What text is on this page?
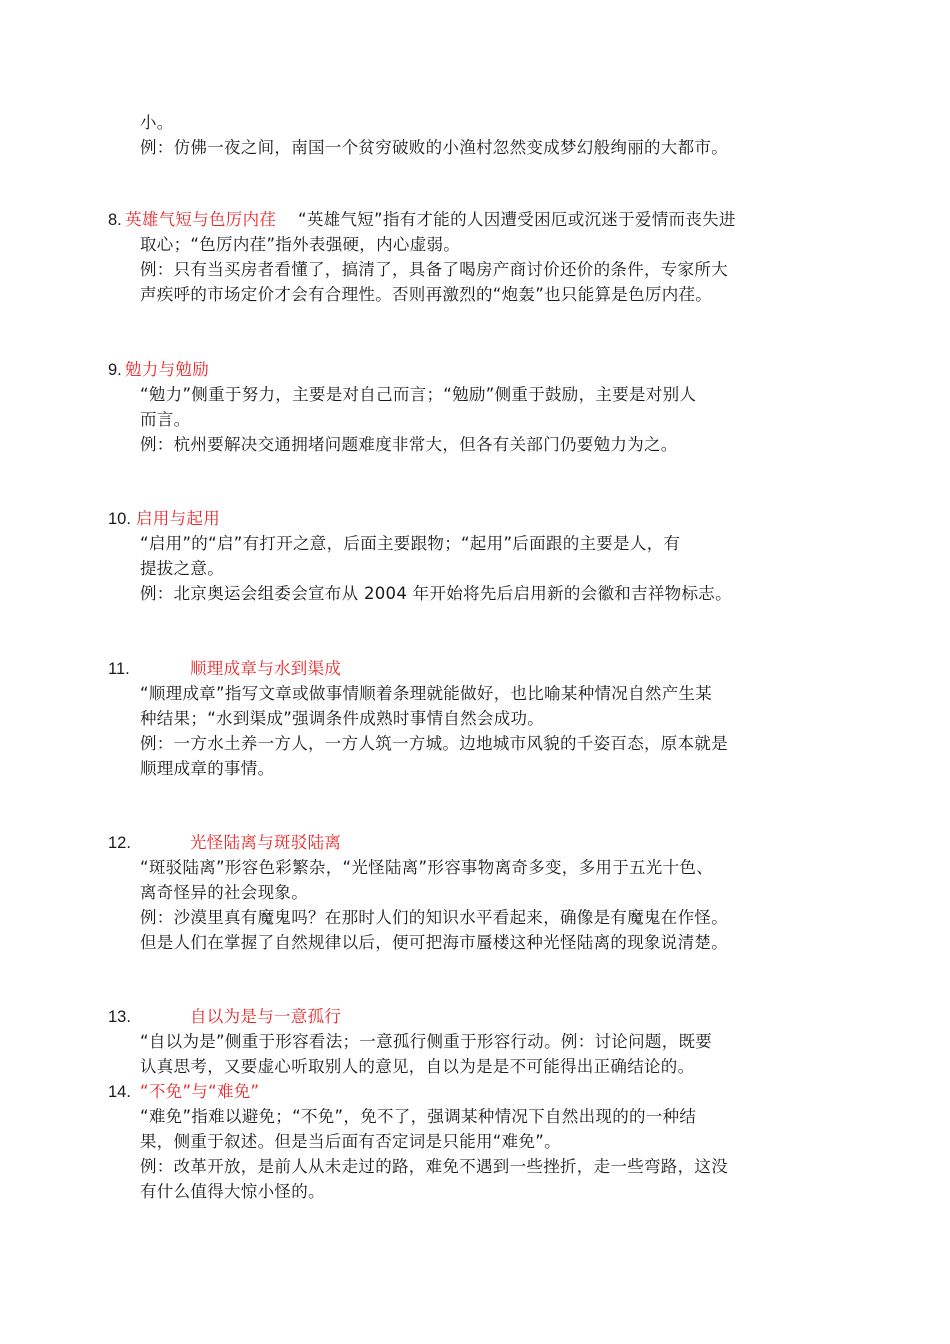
小。
例：仿佛一夜之间，南国一个贫穷破败的小渔村忽然变成梦幻般绚丽的大都市。
8. 英雄气短与色厉内荏 “英雄气短”指有才能的人因遭受困厄或沉迷于爱情而丧失进
取心；“色厉内荏”指外表强硬，内心虚弱。
例：只有当买房者看懂了，搞清了，具备了喝房产商讨价还价的条件，专家所大
声疾呼的市场定价才会有合理性。否则再激烈的“炮轰”也只能算是色厉内荏。
9. 勉力与勉励
“勉力”侧重于努力，主要是对自己而言；“勉励”侧重于鼓励，主要是对别人
而言。
例：杭州要解决交通拥堵问题难度非常大，但各有关部门仍要勉力为之。
10. 启用与起用
“启用”的“启”有打开之意，后面主要跟物；“起用”后面跟的主要是人，有
提拔之意。
例：北京奥运会组委会宣布从 2004 年开始将先后启用新的会徽和吉祥物标志。
11.	顺理成章与水到渠成
“顺理成章”指写文章或做事情顺着条理就能做好，也比喻某种情况自然产生某
种结果；“水到渠成”强调条件成熟时事情自然会成功。
例：一方水土养一方人，一方人筑一方城。边地城市风貌的千姿百态，原本就是
顺理成章的事情。
12.	光怪陆离与斑驳陆离
“斑驳陆离”形容色彩繁杂，“光怪陆离”形容事物离奇多变，多用于五光十色、
离奇怪异的社会现象。
例：沙漠里真有魔鬼吗？在那时人们的知识水平看起来，确像是有魔鬼在作怪。
但是人们在掌握了自然规律以后，便可把海市蜃楼这种光怪陆离的现象说清楚。
13.	自以为是与一意孤行
“自以为是”侧重于形容看法；一意孤行侧重于形容行动。例：讨论问题，既要
认真思考，又要虚心听取别人的意见，自以为是是不可能得出正确结论的。
14. “不免”与“难免”
“难免”指难以避免；“不免”，免不了，强调某种情况下自然出现的的一种结
果，侧重于叙述。但是当后面有否定词是只能用“难免”。
例：改革开放，是前人从未走过的路，难免不遇到一些挫折，走一些弯路，这没
有什么值得大惊小怪的。
